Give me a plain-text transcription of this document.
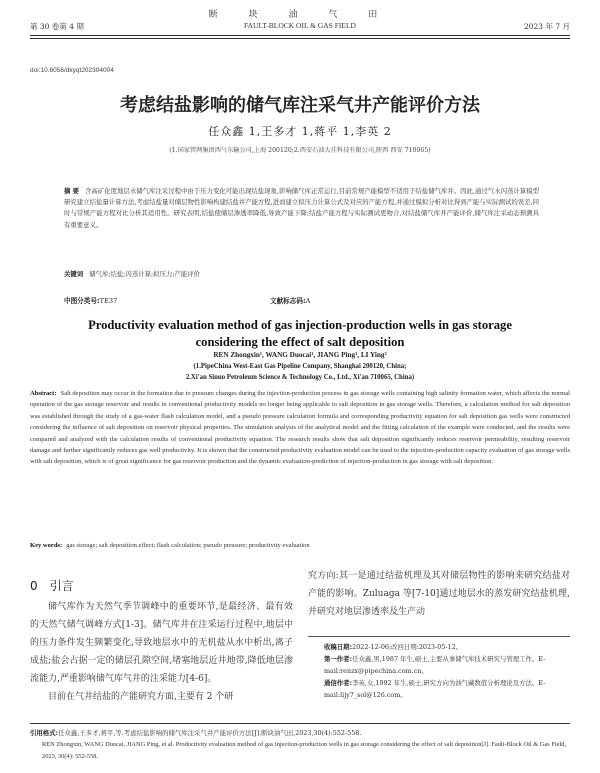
断 块 油 气 田
第 30 卷第 4 期	FAULT-BLOCK OIL & GAS FIELD	2023 年 7 月
doi:10.6056/dkyqt202304004
考虑结盐影响的储气库注采气井产能评价方法
任众鑫 1,王多才 1,蒋平 1,李英 2
(1.国家管网集团西气东输公司,上海 200120;2.西安石油大佳科技有限公司,陕西 西安 710065)
摘 要 含高矿化度地层水储气库注采过程中由于压力变化可能出现结盐现象,影响储气库正常运行,目前常规产能模型不适用于结盐储气库井。因此,通过气水闪蒸计算模型研究建立结盐量计算方法,考虑结盐量对储层物性影响构建结盐井产能方程,进而建立拟压力计算公式及对应的产能方程,并通过模拟分析对比得到产能与实际测试的误差,同时与常规产能方程对比分析其适用性。研究表明,结盐使储层渗透率降低,导致产能下降;结盐产能方程与实际测试更吻合,对结盐储气库井产能评价,储气库注采动态预测具有重要意义。
关键词 储气库;结盐;闪蒸计算;拟压力;产能评价
中图分类号:TE37	文献标志码:A
Productivity evaluation method of gas injection-production wells in gas storage considering the effect of salt deposition
REN Zhongxin¹, WANG Duocai¹, JIANG Ping¹, LI Ying²
(1.PipeChina West-East Gas Pipeline Company, Shanghai 200120, China;
2.Xi'an Sinuo Petroleum Science & Technology Co., Ltd., Xi'an 710065, China)
Abstract: Salt deposition may occur in the formation due to pressure changes during the injection-production process in gas storage wells containing high salinity formation water, which affects the normal operation of the gas storage reservoir and results in conventional productivity models no longer being applicable to salt deposition in gas storage wells. Therefore, a calculation method for salt deposition was established through the study of a gas-water flash calculation model, and a pseudo pressure calculation formula and corresponding productivity equation for salt deposition gas wells were constructed considering the influence of salt deposition on reservoir physical properties. The simulation analysis of the analytical model and the fitting calculation of the example were conducted, and the results were compared and analyzed with the calculation results of conventional productivity equation. The research results show that salt deposition significantly reduces reservoir permeability, resulting reservoir damage and further significantly reduces gas well productivity. It is shown that the constructed productivity evaluation model can be used to the injection-production capacity evaluation of gas storage wells with salt deposition, which is of great significance for gas reservoir production and the dynamic evaluation-prediction of injection-production in gas storage with salt deposition.
Key words: gas storage; salt deposition effect; flash calculation; pseudo pressure; productivity evaluation
0 引言

储气库作为天然气季节调峰中的重要环节,是最经济、最有效的天然气储气调峰方式[1-3]。储气库井在注采运行过程中,地层中的压力条件发生频繁变化,导致地层水中的无机盐从水中析出,离子成盐;盐会占据一定的储层孔隙空间,堵塞地层近井地带,降低地层渗流能力,严重影响储气库气井的注采能力[4-6]。

目前在气井结盐的产能研究方面,主要有 2 个研

究方向:其一是通过结盐机理及其对储层物性的影响来研究结盐对产能的影响。Zuluaga 等[7-10]通过地层水的蒸发研究结盐机理,并研究对地层渗透率及生产动

收稿日期:2022-12-06;改回日期:2023-05-12。

第一作者:任众鑫,男,1987 年生,硕士,主要从事储气库技术研究与管理工作。E-mail:renzx@pipechina.com.cn。

通信作者:李英,女,1992 年生,硕士,研究方向为油气藏数值分析理论及方法。E-mail:lijy7_sol@126.com。

引用格式:任众鑫,王多才,蒋平,等.考虑结盐影响的储气库注采气井产能评价方法[J].断块油气田,2023,30(4):552-558.
REN Zhongxin, WANG Duocai, JIANG Ping, et al. Productivity evaluation method of gas injection-production wells in gas storage considering the effect of salt deposition[J]. Fault-Block Oil & Gas Field, 2023, 30(4): 552-558.
